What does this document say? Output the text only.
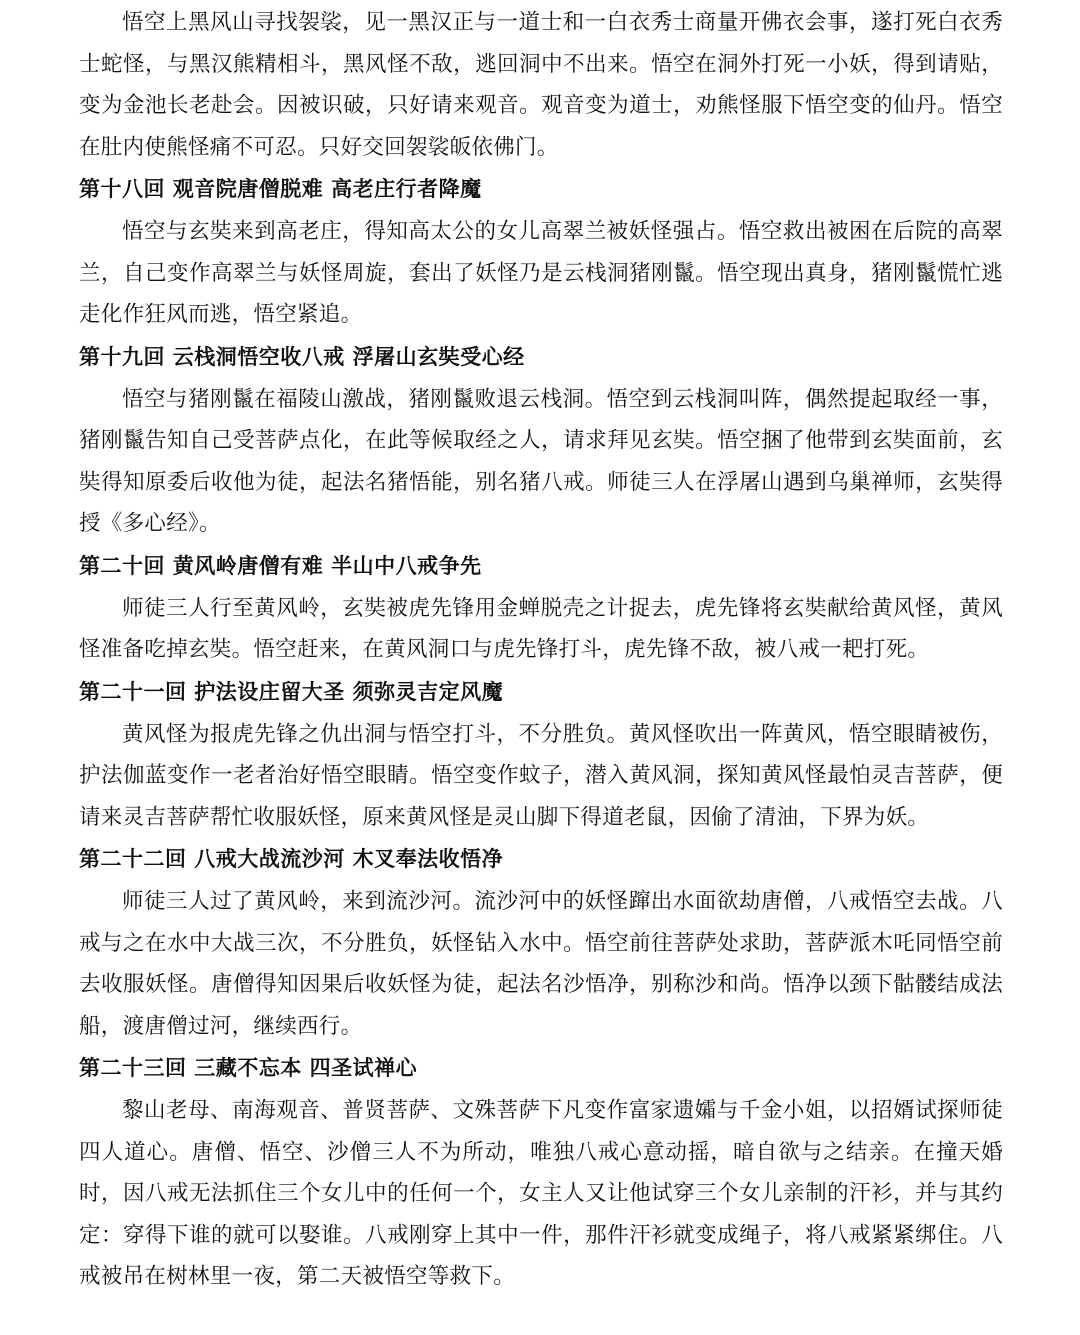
悟空上黑风山寻找袈裟，见一黑汉正与一道士和一白衣秀士商量开佛衣会事，遂打死白衣秀士蛇怪，与黑汉熊精相斗，黑风怪不敌，逃回洞中不出来。悟空在洞外打死一小妖，得到请贴，变为金池长老赴会。因被识破，只好请来观音。观音变为道士，劝熊怪服下悟空变的仙丹。悟空在肚内使熊怪痛不可忍。只好交回袈裟皈依佛门。

第十八回 观音院唐僧脱难 高老庄行者降魔

悟空与玄奘来到高老庄，得知高太公的女儿高翠兰被妖怪强占。悟空救出被困在后院的高翠兰，自己变作高翠兰与妖怪周旋，套出了妖怪乃是云栈洞猪刚鬣。悟空现出真身，猪刚鬣慌忙逃走化作狂风而逃，悟空紧追。

第十九回 云栈洞悟空收八戒 浮屠山玄奘受心经

悟空与猪刚鬣在福陵山激战，猪刚鬣败退云栈洞。悟空到云栈洞叫阵，偶然提起取经一事，猪刚鬣告知自己受菩萨点化，在此等候取经之人，请求拜见玄奘。悟空捆了他带到玄奘面前，玄奘得知原委后收他为徒，起法名猪悟能，别名猪八戒。师徒三人在浮屠山遇到乌巢禅师，玄奘得授《多心经》。

第二十回 黄风岭唐僧有难 半山中八戒争先

师徒三人行至黄风岭，玄奘被虎先锋用金蝉脱壳之计捉去，虎先锋将玄奘献给黄风怪，黄风怪准备吃掉玄奘。悟空赶来，在黄风洞口与虎先锋打斗，虎先锋不敌，被八戒一耙打死。

第二十一回 护法设庄留大圣 须弥灵吉定风魔

黄风怪为报虎先锋之仇出洞与悟空打斗，不分胜负。黄风怪吹出一阵黄风，悟空眼睛被伤，护法伽蓝变作一老者治好悟空眼睛。悟空变作蚊子，潜入黄风洞，探知黄风怪最怕灵吉菩萨，便请来灵吉菩萨帮忙收服妖怪，原来黄风怪是灵山脚下得道老鼠，因偷了清油，下界为妖。

第二十二回 八戒大战流沙河 木叉奉法收悟净

师徒三人过了黄风岭，来到流沙河。流沙河中的妖怪蹿出水面欲劫唐僧，八戒悟空去战。八戒与之在水中大战三次，不分胜负，妖怪钻入水中。悟空前往菩萨处求助，菩萨派木吒同悟空前去收服妖怪。唐僧得知因果后收妖怪为徒，起法名沙悟净，别称沙和尚。悟净以颈下骷髅结成法船，渡唐僧过河，继续西行。

第二十三回 三藏不忘本 四圣试禅心

黎山老母、南海观音、普贤菩萨、文殊菩萨下凡变作富家遗孀与千金小姐，以招婿试探师徒四人道心。唐僧、悟空、沙僧三人不为所动，唯独八戒心意动摇，暗自欲与之结亲。在撞天婚时，因八戒无法抓住三个女儿中的任何一个，女主人又让他试穿三个女儿亲制的汗衫，并与其约定：穿得下谁的就可以娶谁。八戒刚穿上其中一件，那件汗衫就变成绳子，将八戒紧紧绑住。八戒被吊在树林里一夜，第二天被悟空等救下。
